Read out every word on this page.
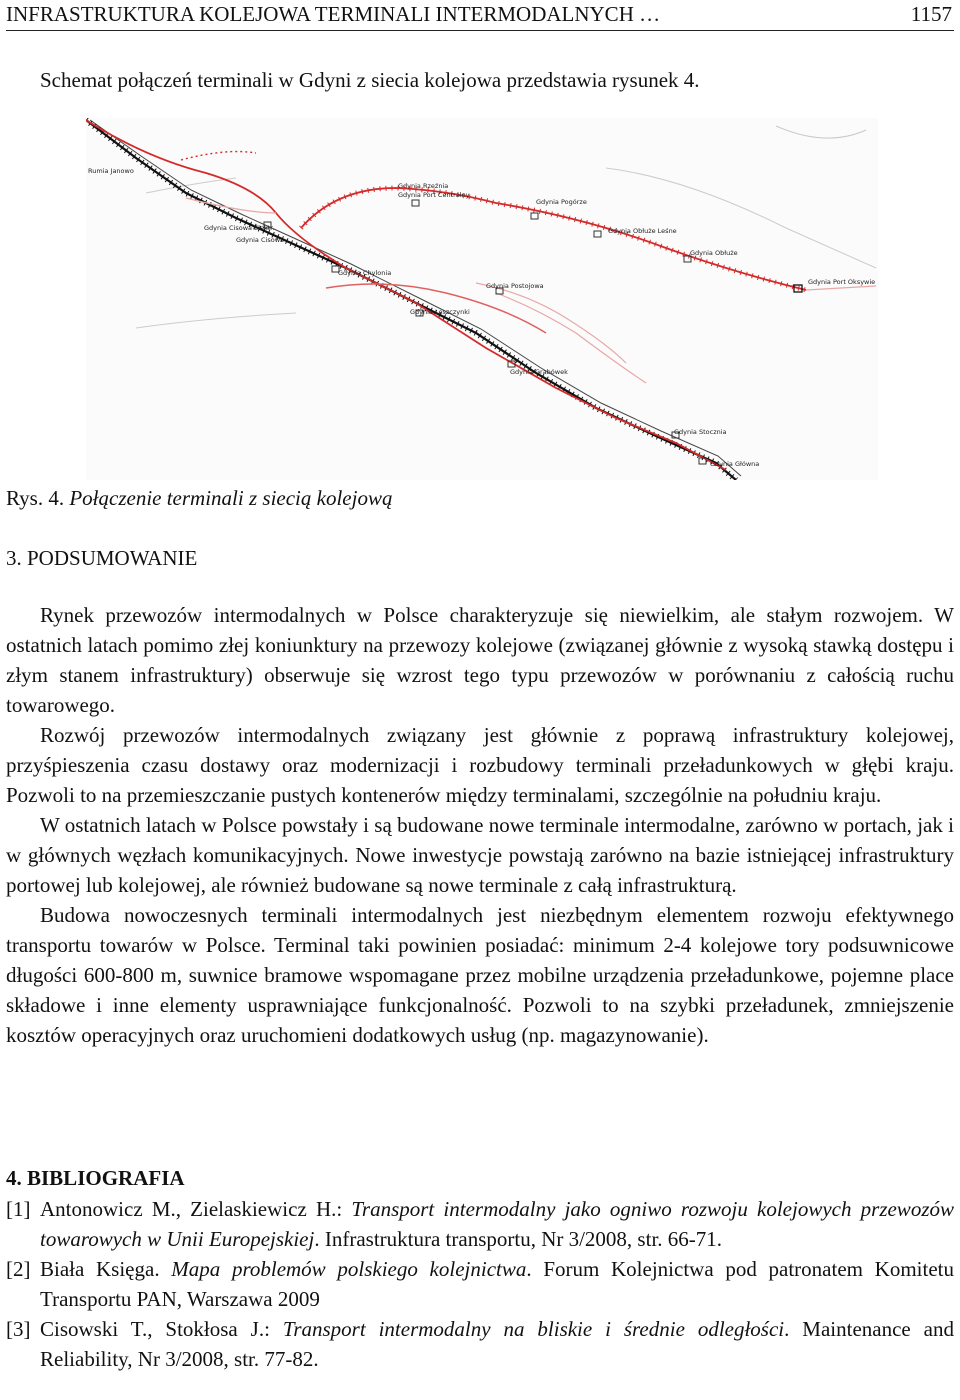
INFRASTRUKTURA KOLEJOWA TERMINALI INTERMODALNYCH …	1157

Schemat połączeń terminali w Gdyni z siecia kolejowa przedstawia rysunek 4.

Rumia Janowo
Gdynia Rzeźnia
Gdynia Port Centralny
Gdynia Pogórze
Gdynia Cisowa Elektr.
Gdynia Cisowa
Gdynia Obłuże Leśne
Gdynia Obłuże
Gdynia Chylonia
Gdynia Postojowa	Gdynia Port Oksywie
Gdynia Leszczynki
Gdynia Grabówek
Gdynia Stocznia
Gdynia Główna

Rys. 4. Połączenie terminali z siecią kolejową

3. PODSUMOWANIE

Rynek przewozów intermodalnych w Polsce charakteryzuje się niewielkim, ale stałym rozwojem. W ostatnich latach pomimo złej koniunktury na przewozy kolejowe (związanej głównie z wysoką stawką dostępu i złym stanem infrastruktury) obserwuje się wzrost tego typu przewozów w porównaniu z całością ruchu towarowego.

Rozwój przewozów intermodalnych związany jest głównie z poprawą infrastruktury kolejowej, przyśpieszenia czasu dostawy oraz modernizacji i rozbudowy terminali przeładunkowych w głębi kraju. Pozwoli to na przemieszczanie pustych kontenerów między terminalami, szczególnie na południu kraju.

W ostatnich latach w Polsce powstały i są budowane nowe terminale intermodalne, zarówno w portach, jak i w głównych węzłach komunikacyjnych. Nowe inwestycje powstają zarówno na bazie istniejącej infrastruktury portowej lub kolejowej, ale również budowane są nowe terminale z całą infrastrukturą.

Budowa nowoczesnych terminali intermodalnych jest niezbędnym elementem rozwoju efektywnego transportu towarów w Polsce. Terminal taki powinien posiadać: minimum 2-4 kolejowe tory podsuwnicowe długości 600-800 m, suwnice bramowe wspomagane przez mobilne urządzenia przeładunkowe, pojemne place składowe i inne elementy usprawniające funkcjonalność. Pozwoli to na szybki przeładunek, zmniejszenie kosztów operacyjnych oraz uruchomieni dodatkowych usług (np. magazynowanie).

4. BIBLIOGRAFIA

[1] Antonowicz M., Zielaskiewicz H.: Transport intermodalny jako ogniwo rozwoju kolejowych przewozów towarowych w Unii Europejskiej. Infrastruktura transportu, Nr 3/2008, str. 66-71.

[2] Biała Księga. Mapa problemów polskiego kolejnictwa. Forum Kolejnictwa pod patronatem Komitetu Transportu PAN, Warszawa 2009

[3] Cisowski T., Stokłosa J.: Transport intermodalny na bliskie i średnie odległości. Maintenance and Reliability, Nr 3/2008, str. 77-82.
